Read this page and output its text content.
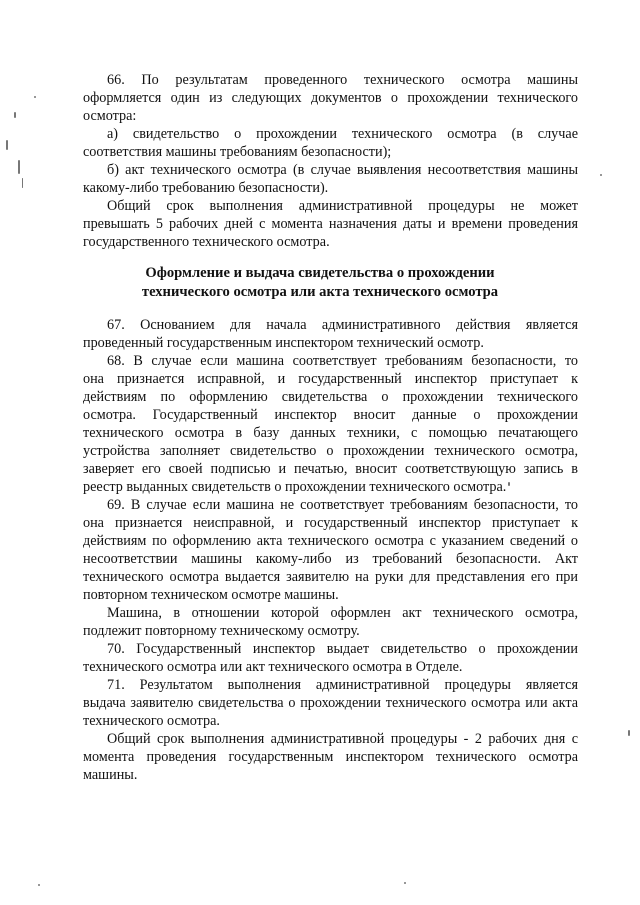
66. По результатам проведенного технического осмотра машины
оформляется один из следующих документов о прохождении технического
осмотра:
а) свидетельство о прохождении технического осмотра (в случае
соответствия машины требованиям безопасности);
б) акт технического осмотра (в случае выявления несоответствия машины
какому-либо требованию безопасности).
Общий срок выполнения административной процедуры не может
превышать 5 рабочих дней с момента назначения даты и времени проведения
государственного технического осмотра.
Оформление и выдача свидетельства о прохождении
технического осмотра или акта технического осмотра
67. Основанием для начала административного действия является
проведенный государственным инспектором технический осмотр.
68. В случае если машина соответствует требованиям безопасности, то
она признается исправной, и государственный инспектор приступает к
действиям по оформлению свидетельства о прохождении технического
осмотра. Государственный инспектор вносит данные о прохождении
технического осмотра в базу данных техники, с помощью печатающего
устройства заполняет свидетельство о прохождении технического осмотра,
заверяет его своей подписью и печатью, вносит соответствующую запись в
реестр выданных свидетельств о прохождении технического осмотра.
69. В случае если машина не соответствует требованиям безопасности, то
она признается неисправной, и государственный инспектор приступает к
действиям по оформлению акта технического осмотра с указанием сведений о
несоответствии машины какому-либо из требований безопасности. Акт
технического осмотра выдается заявителю на руки для представления его при
повторном техническом осмотре машины.
Машина, в отношении которой оформлен акт технического осмотра,
подлежит повторному техническому осмотру.
70. Государственный инспектор выдает свидетельство о прохождении
технического осмотра или акт технического осмотра в Отделе.
71. Результатом выполнения административной процедуры является
выдача заявителю свидетельства о прохождении технического осмотра или акта
технического осмотра.
Общий срок выполнения административной процедуры - 2 рабочих дня с
момента проведения государственным инспектором технического осмотра
машины.
